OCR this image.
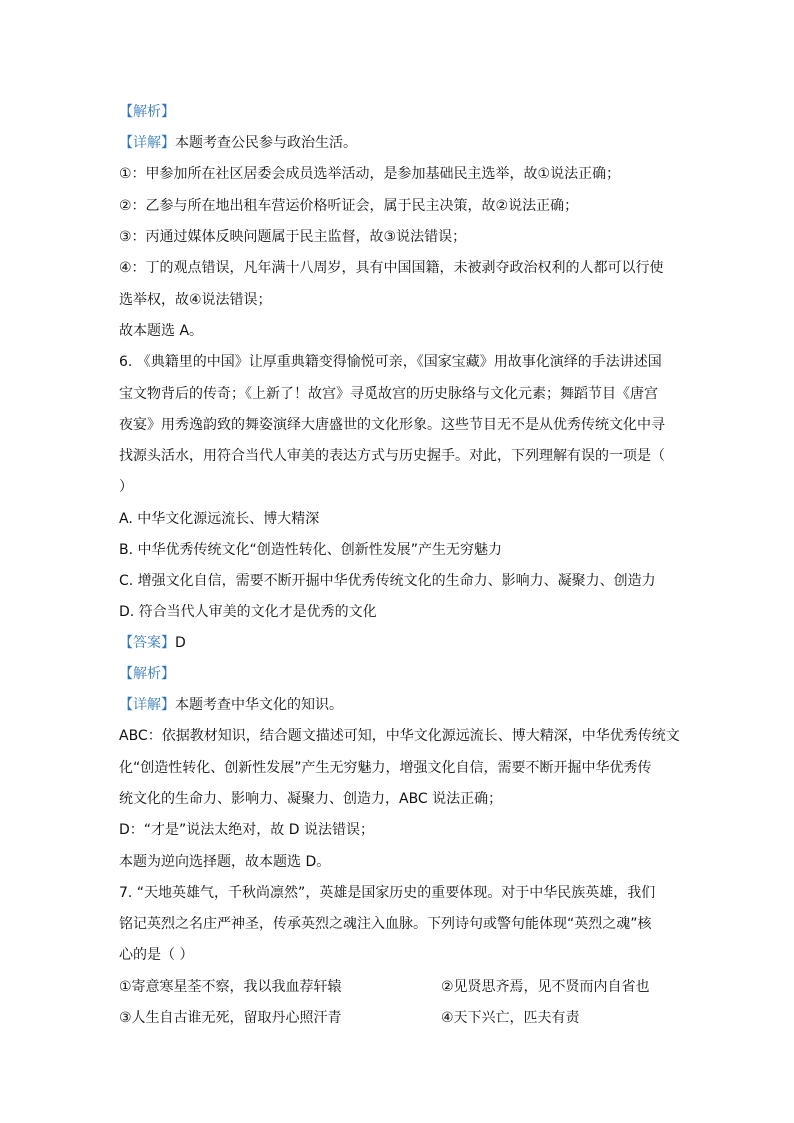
【解析】
【详解】本题考查公民参与政治生活。
①：甲参加所在社区居委会成员选举活动，是参加基础民主选举，故①说法正确；
②：乙参与所在地出租车营运价格听证会，属于民主决策，故②说法正确；
③：丙通过媒体反映问题属于民主监督，故③说法错误；
④：丁的观点错误，凡年满十八周岁，具有中国国籍，未被剥夺政治权利的人都可以行使
选举权，故④说法错误；
故本题选 A。
6. 《典籍里的中国》让厚重典籍变得愉悦可亲，《国家宝藏》用故事化演绎的手法讲述国
宝文物背后的传奇；《上新了！故宫》寻觅故宫的历史脉络与文化元素；舞蹈节目《唐宫
夜宴》用秀逸韵致的舞姿演绎大唐盛世的文化形象。这些节目无不是从优秀传统文化中寻
找源头活水，用符合当代人审美的表达方式与历史握手。对此，下列理解有误的一项是（
）
A. 中华文化源远流长、博大精深
B. 中华优秀传统文化“创造性转化、创新性发展”产生无穷魅力
C. 增强文化自信，需要不断开掘中华优秀传统文化的生命力、影响力、凝聚力、创造力
D. 符合当代人审美的文化才是优秀的文化
【答案】D
【解析】
【详解】本题考查中华文化的知识。
ABC：依据教材知识，结合题文描述可知，中华文化源远流长、博大精深，中华优秀传统文
化“创造性转化、创新性发展”产生无穷魅力，增强文化自信，需要不断开掘中华优秀传
统文化的生命力、影响力、凝聚力、创造力，ABC 说法正确；
D：“才是”说法太绝对，故 D 说法错误；
本题为逆向选择题，故本题选 D。
7. “天地英雄气，千秋尚凛然”，英雄是国家历史的重要体现。对于中华民族英雄，我们
铭记英烈之名庄严神圣，传承英烈之魂注入血脉。下列诗句或警句能体现“英烈之魂”核
心的是（ ）
①寄意寒星荃不察，我以我血荐轩辕	②见贤思齐焉，见不贤而内自省也
③人生自古谁无死，留取丹心照汗青	④天下兴亡，匹夫有责
